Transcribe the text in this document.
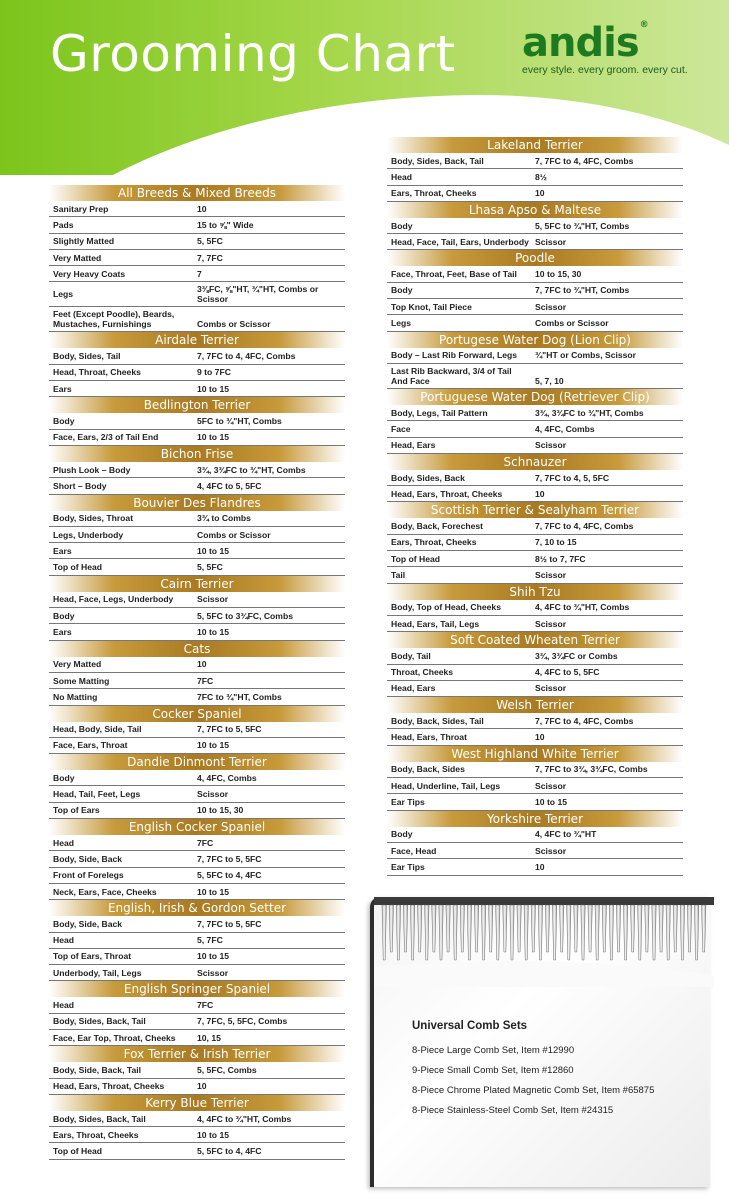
Grooming Chart andis®
every style. every groom. every cut.
All Breeds & Mixed Breeds
Sanitary Prep	10
Pads	15 to ⅝" Wide
Slightly Matted	5, 5FC
Very Matted	7, 7FC
Very Heavy Coats	7
Legs	3⅜FC, ⅝"HT, ¾"HT, Combs or Scissor
Feet (Except Poodle), Beards, Mustaches, Furnishings	Combs or Scissor
Airdale Terrier
Body, Sides, Tail	7, 7FC to 4, 4FC, Combs
Head, Throat, Cheeks	9 to 7FC
Ears	10 to 15
Bedlington Terrier
Body	5FC to ¾"HT, Combs
Face, Ears, 2/3 of Tail End	10 to 15
Bichon Frise
Plush Look – Body	3¾, 3¾FC to ¾"HT, Combs
Short – Body	4, 4FC to 5, 5FC
Bouvier Des Flandres
Body, Sides, Throat	3¾ to Combs
Legs, Underbody	Combs or Scissor
Ears	10 to 15
Top of Head	5, 5FC
Cairn Terrier
Head, Face, Legs, Underbody	Scissor
Body	5, 5FC to 3¾FC, Combs
Ears	10 to 15
Cats
Very Matted	10
Some Matting	7FC
No Matting	7FC to ¾"HT, Combs
Cocker Spaniel
Head, Body, Side, Tail	7, 7FC to 5, 5FC
Face, Ears, Throat	10 to 15
Dandie Dinmont Terrier
Body	4, 4FC, Combs
Head, Tail, Feet, Legs	Scissor
Top of Ears	10 to 15, 30
English Cocker Spaniel
Head	7FC
Body, Side, Back	7, 7FC to 5, 5FC
Front of Forelegs	5, 5FC to 4, 4FC
Neck, Ears, Face, Cheeks	10 to 15
English, Irish & Gordon Setter
Body, Side, Back	7, 7FC to 5, 5FC
Head	5, 7FC
Top of Ears, Throat	10 to 15
Underbody, Tail, Legs	Scissor
English Springer Spaniel
Head	7FC
Body, Sides, Back, Tail	7, 7FC, 5, 5FC, Combs
Face, Ear Top, Throat, Cheeks	10, 15
Fox Terrier & Irish Terrier
Body, Side, Back, Tail	5, 5FC, Combs
Head, Ears, Throat, Cheeks	10
Kerry Blue Terrier
Body, Sides, Back, Tail	4, 4FC to ¾"HT, Combs
Ears, Throat, Cheeks	10 to 15
Top of Head	5, 5FC to 4, 4FC
Lakeland Terrier
Body, Sides, Back, Tail	7, 7FC to 4, 4FC, Combs
Head	8½
Ears, Throat, Cheeks	10
Lhasa Apso & Maltese
Body	5, 5FC to ¾"HT, Combs
Head, Face, Tail, Ears, Underbody Scissor
Poodle
Face, Throat, Feet, Base of Tail	10 to 15, 30
Body	7, 7FC to ¾"HT, Combs
Top Knot, Tail Piece	Scissor
Legs	Combs or Scissor
Portugese Water Dog (Lion Clip)
Body – Last Rib Forward, Legs	¾"HT or Combs, Scissor
Last Rib Backward, 3/4 of Tail And Face	5, 7, 10
Portuguese Water Dog (Retriever Clip)
Body, Legs, Tail Pattern	3¾, 3¾FC to ¾"HT, Combs
Face	4, 4FC, Combs
Head, Ears	Scissor
Schnauzer
Body, Sides, Back	7, 7FC to 4, 5, 5FC
Head, Ears, Throat, Cheeks	10
Scottish Terrier & Sealyham Terrier
Body, Back, Forechest	7, 7FC to 4, 4FC, Combs
Ears, Throat, Cheeks	7, 10 to 15
Top of Head	8½ to 7, 7FC
Tail	Scissor
Shih Tzu
Body, Top of Head, Cheeks	4, 4FC to ¾"HT, Combs
Head, Ears, Tail, Legs	Scissor
Soft Coated Wheaten Terrier
Body, Tail	3¾, 3¾FC or Combs
Throat, Cheeks	4, 4FC to 5, 5FC
Head, Ears	Scissor
Welsh Terrier
Body, Back, Sides, Tail	7, 7FC to 4, 4FC, Combs
Head, Ears, Throat	10
West Highland White Terrier
Body, Back, Sides	7, 7FC to 3¾, 3¾FC, Combs
Head, Underline, Tail, Legs	Scissor
Ear Tips	10 to 15
Yorkshire Terrier
Body	4, 4FC to ¾"HT
Face, Head	Scissor
Ear Tips	10
Universal Comb Sets
8-Piece Large Comb Set, Item #12990
9-Piece Small Comb Set, Item #12860
8-Piece Chrome Plated Magnetic Comb Set, Item #65875
8-Piece Stainless-Steel Comb Set, Item #24315
